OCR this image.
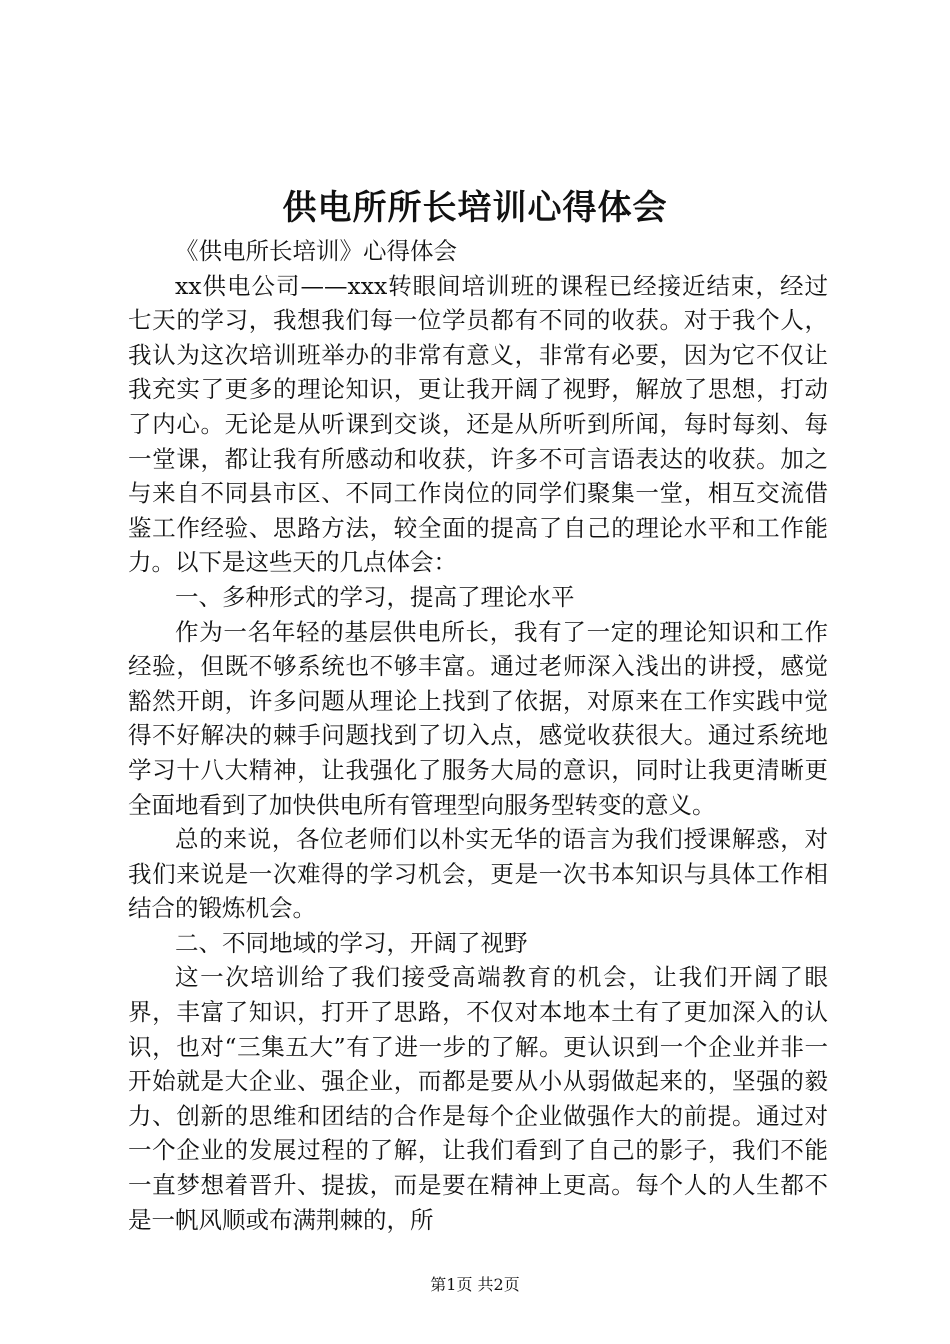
供电所所长培训心得体会

《供电所长培训》心得体会

xx供电公司——xxx转眼间培训班的课程已经接近结束，经过七天的学习，我想我们每一位学员都有不同的收获。对于我个人，我认为这次培训班举办的非常有意义，非常有必要，因为它不仅让我充实了更多的理论知识，更让我开阔了视野，解放了思想，打动了内心。无论是从听课到交谈，还是从所听到所闻，每时每刻、每一堂课，都让我有所感动和收获，许多不可言语表达的收获。加之与来自不同县市区、不同工作岗位的同学们聚集一堂，相互交流借鉴工作经验、思路方法，较全面的提高了自己的理论水平和工作能力。以下是这些天的几点体会：

一、多种形式的学习，提高了理论水平

作为一名年轻的基层供电所长，我有了一定的理论知识和工作经验，但既不够系统也不够丰富。通过老师深入浅出的讲授，感觉豁然开朗，许多问题从理论上找到了依据，对原来在工作实践中觉得不好解决的棘手问题找到了切入点，感觉收获很大。通过系统地学习十八大精神，让我强化了服务大局的意识，同时让我更清晰更全面地看到了加快供电所有管理型向服务型转变的意义。

总的来说，各位老师们以朴实无华的语言为我们授课解惑，对我们来说是一次难得的学习机会，更是一次书本知识与具体工作相结合的锻炼机会。

二、不同地域的学习，开阔了视野

这一次培训给了我们接受高端教育的机会，让我们开阔了眼界，丰富了知识，打开了思路，不仅对本地本土有了更加深入的认识，也对“三集五大”有了进一步的了解。更认识到一个企业并非一开始就是大企业、强企业，而都是要从小从弱做起来的，坚强的毅力、创新的思维和团结的合作是每个企业做强作大的前提。通过对一个企业的发展过程的了解，让我们看到了自己的影子，我们不能一直梦想着晋升、提拔，而是要在精神上更高。每个人的人生都不是一帆风顺或布满荆棘的，所

第1页 共2页
